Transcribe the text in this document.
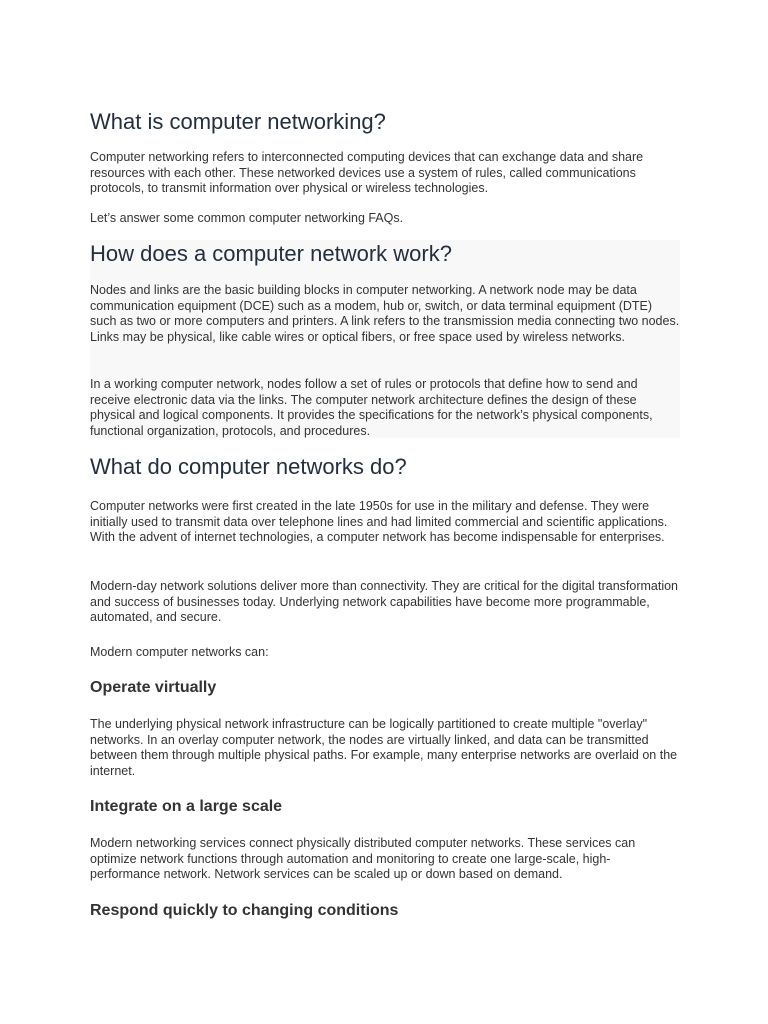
What is computer networking?

Computer networking refers to interconnected computing devices that can exchange data and share resources with each other. These networked devices use a system of rules, called communications protocols, to transmit information over physical or wireless technologies.

Let’s answer some common computer networking FAQs.

How does a computer network work?

Nodes and links are the basic building blocks in computer networking. A network node may be data communication equipment (DCE) such as a modem, hub or, switch, or data terminal equipment (DTE) such as two or more computers and printers. A link refers to the transmission media connecting two nodes. Links may be physical, like cable wires or optical fibers, or free space used by wireless networks.

In a working computer network, nodes follow a set of rules or protocols that define how to send and receive electronic data via the links. The computer network architecture defines the design of these physical and logical components. It provides the specifications for the network’s physical components, functional organization, protocols, and procedures.

What do computer networks do?

Computer networks were first created in the late 1950s for use in the military and defense. They were initially used to transmit data over telephone lines and had limited commercial and scientific applications. With the advent of internet technologies, a computer network has become indispensable for enterprises.

Modern-day network solutions deliver more than connectivity. They are critical for the digital transformation and success of businesses today. Underlying network capabilities have become more programmable, automated, and secure.

Modern computer networks can:

Operate virtually

The underlying physical network infrastructure can be logically partitioned to create multiple "overlay" networks. In an overlay computer network, the nodes are virtually linked, and data can be transmitted between them through multiple physical paths. For example, many enterprise networks are overlaid on the internet.

Integrate on a large scale

Modern networking services connect physically distributed computer networks. These services can optimize network functions through automation and monitoring to create one large-scale, high-performance network. Network services can be scaled up or down based on demand.

Respond quickly to changing conditions
